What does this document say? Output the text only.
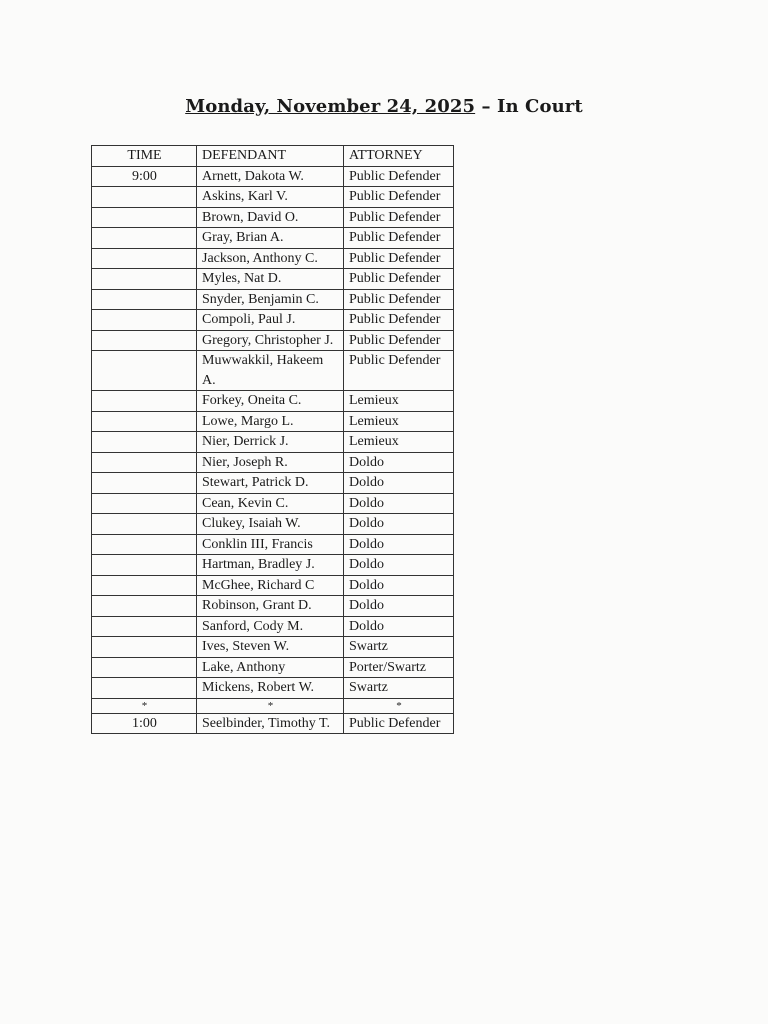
Monday, November 24, 2025 – In Court
TIME	DEFENDANT	ATTORNEY
9:00	Arnett, Dakota W.	Public Defender
	Askins, Karl V.	Public Defender
	Brown, David O.	Public Defender
	Gray, Brian A.	Public Defender
	Jackson, Anthony C.	Public Defender
	Myles, Nat D.	Public Defender
	Snyder, Benjamin C.	Public Defender
	Compoli, Paul J.	Public Defender
	Gregory, Christopher J.	Public Defender
	Muwwakkil, Hakeem A.	Public Defender
	Forkey, Oneita C.	Lemieux
	Lowe, Margo L.	Lemieux
	Nier, Derrick J.	Lemieux
	Nier, Joseph R.	Doldo
	Stewart, Patrick D.	Doldo
	Cean, Kevin C.	Doldo
	Clukey, Isaiah W.	Doldo
	Conklin III, Francis	Doldo
	Hartman, Bradley J.	Doldo
	McGhee, Richard C	Doldo
	Robinson, Grant D.	Doldo
	Sanford, Cody M.	Doldo
	Ives, Steven W.	Swartz
	Lake, Anthony	Porter/Swartz
	Mickens, Robert W.	Swartz
*	*	*
1:00	Seelbinder, Timothy T.	Public Defender
